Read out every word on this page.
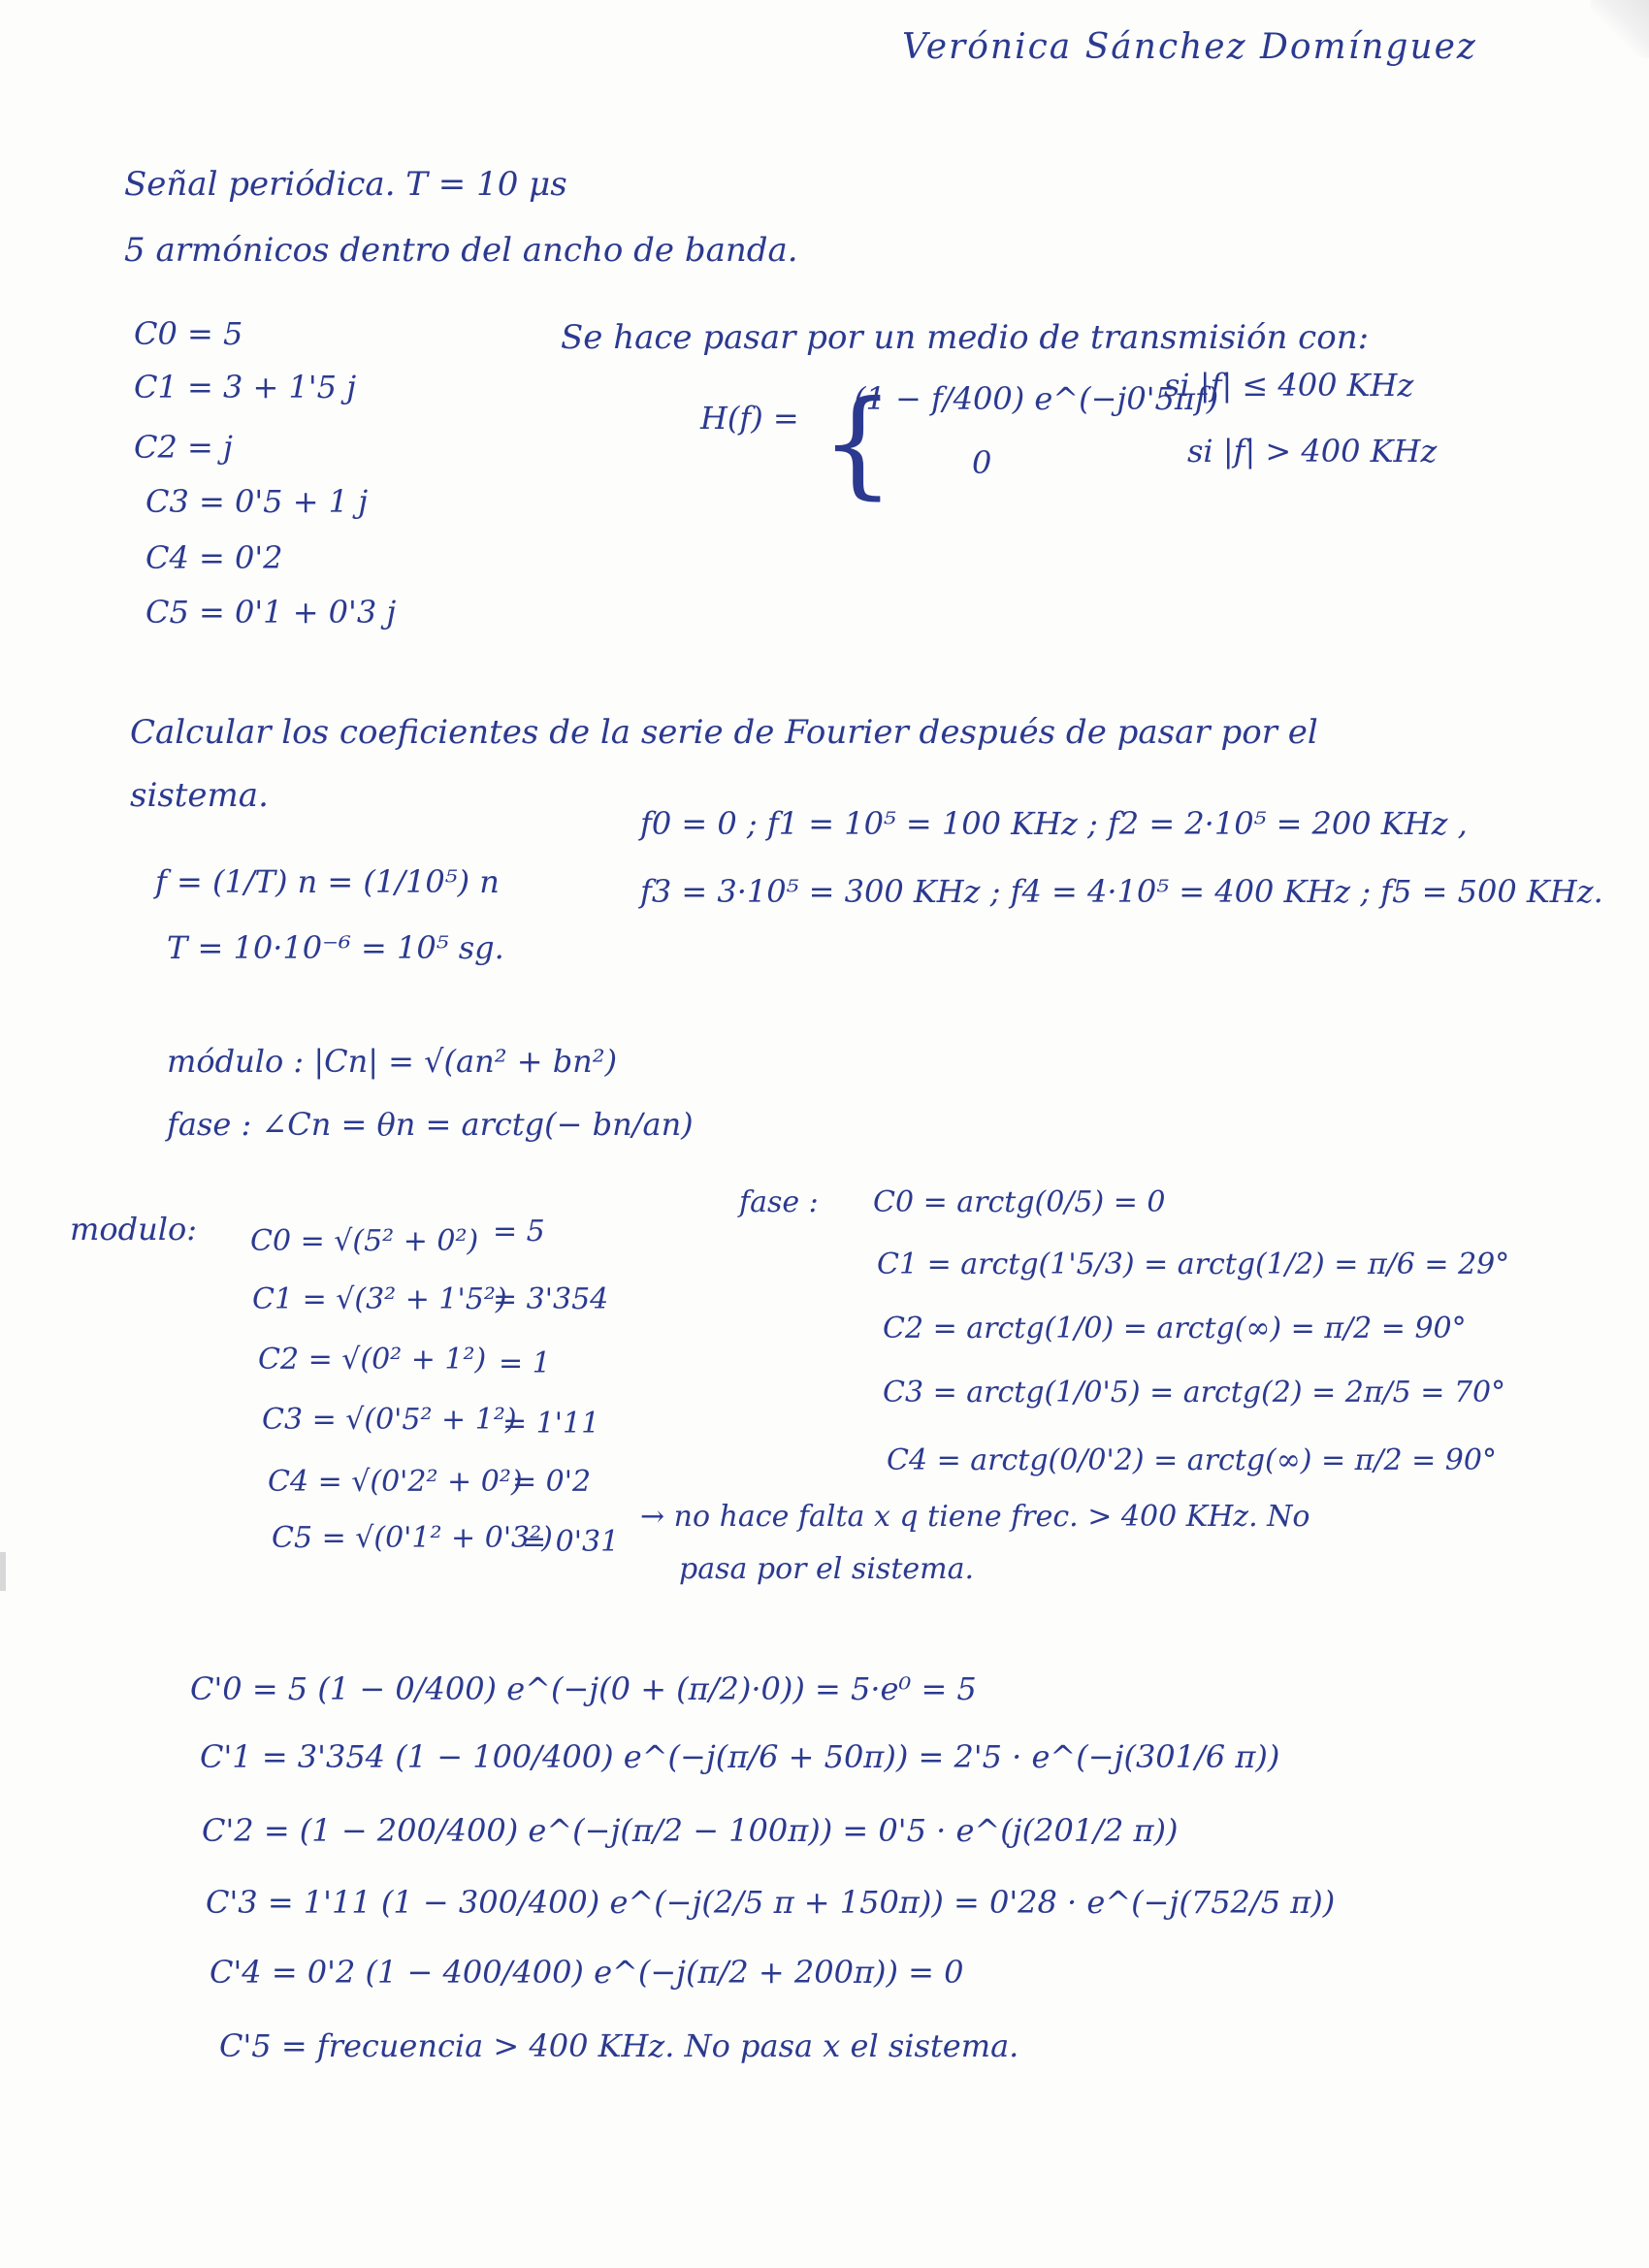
Verónica Sánchez Domínguez
Señal periódica. T = 10 μs
5 armónicos dentro del ancho de banda.
C0 = 5
C1 = 3 + 1'5 j
C2 = j
C3 = 0'5 + 1 j
C4 = 0'2
C5 = 0'1 + 0'3 j
Se hace pasar por un medio de transmisión con:
H(f) = {
(1 − f/400) e^(−j0'5πf)
si |f| ≤ 400 KHz
0	si |f| > 400 KHz
Calcular los coeficientes de la serie de Fourier después de pasar por el
sistema.
f = (1/T) n = (1/10⁵) n
T = 10·10⁻⁶ = 10⁵ sg.
f0 = 0 ; f1 = 10⁵ = 100 KHz ; f2 = 2·10⁵ = 200 KHz ,
f3 = 3·10⁵ = 300 KHz ; f4 = 4·10⁵ = 400 KHz ; f5 = 500 KHz.
módulo : |Cn| = √(an² + bn²)
fase : ∠Cn = θn = arctg(− bn/an)
modulo: C0 = √(5² + 0²) = 5
C1 = √(3² + 1'5²)
= 3'354
C2 = √(0² + 1²) = 1
C3 = √(0'5² + 1²)
= 1'11
C4 = √(0'2² + 0²)
= 0'2
C5 = √(0'1² + 0'3²)
= 0'31
→ no hace falta x q tiene frec. > 400 KHz. No
pasa por el sistema.
fase : C0 = arctg(0/5) = 0
C1 = arctg(1'5/3) = arctg(1/2) = π/6 = 29°
C2 = arctg(1/0) = arctg(∞) = π/2 = 90°
C3 = arctg(1/0'5) = arctg(2) = 2π/5 = 70°
C4 = arctg(0/0'2) = arctg(∞) = π/2 = 90°
C'0 = 5 (1 − 0/400) e^(−j(0 + (π/2)·0)) = 5·e⁰ = 5
C'1 = 3'354 (1 − 100/400) e^(−j(π/6 + 50π)) = 2'5 · e^(−j(301/6 π))
C'2 = (1 − 200/400) e^(−j(π/2 − 100π)) = 0'5 · e^(j(201/2 π))
C'3 = 1'11 (1 − 300/400) e^(−j(2/5 π + 150π)) = 0'28 · e^(−j(752/5 π))
C'4 = 0'2 (1 − 400/400) e^(−j(π/2 + 200π)) = 0
C'5 = frecuencia > 400 KHz. No pasa x el sistema.
